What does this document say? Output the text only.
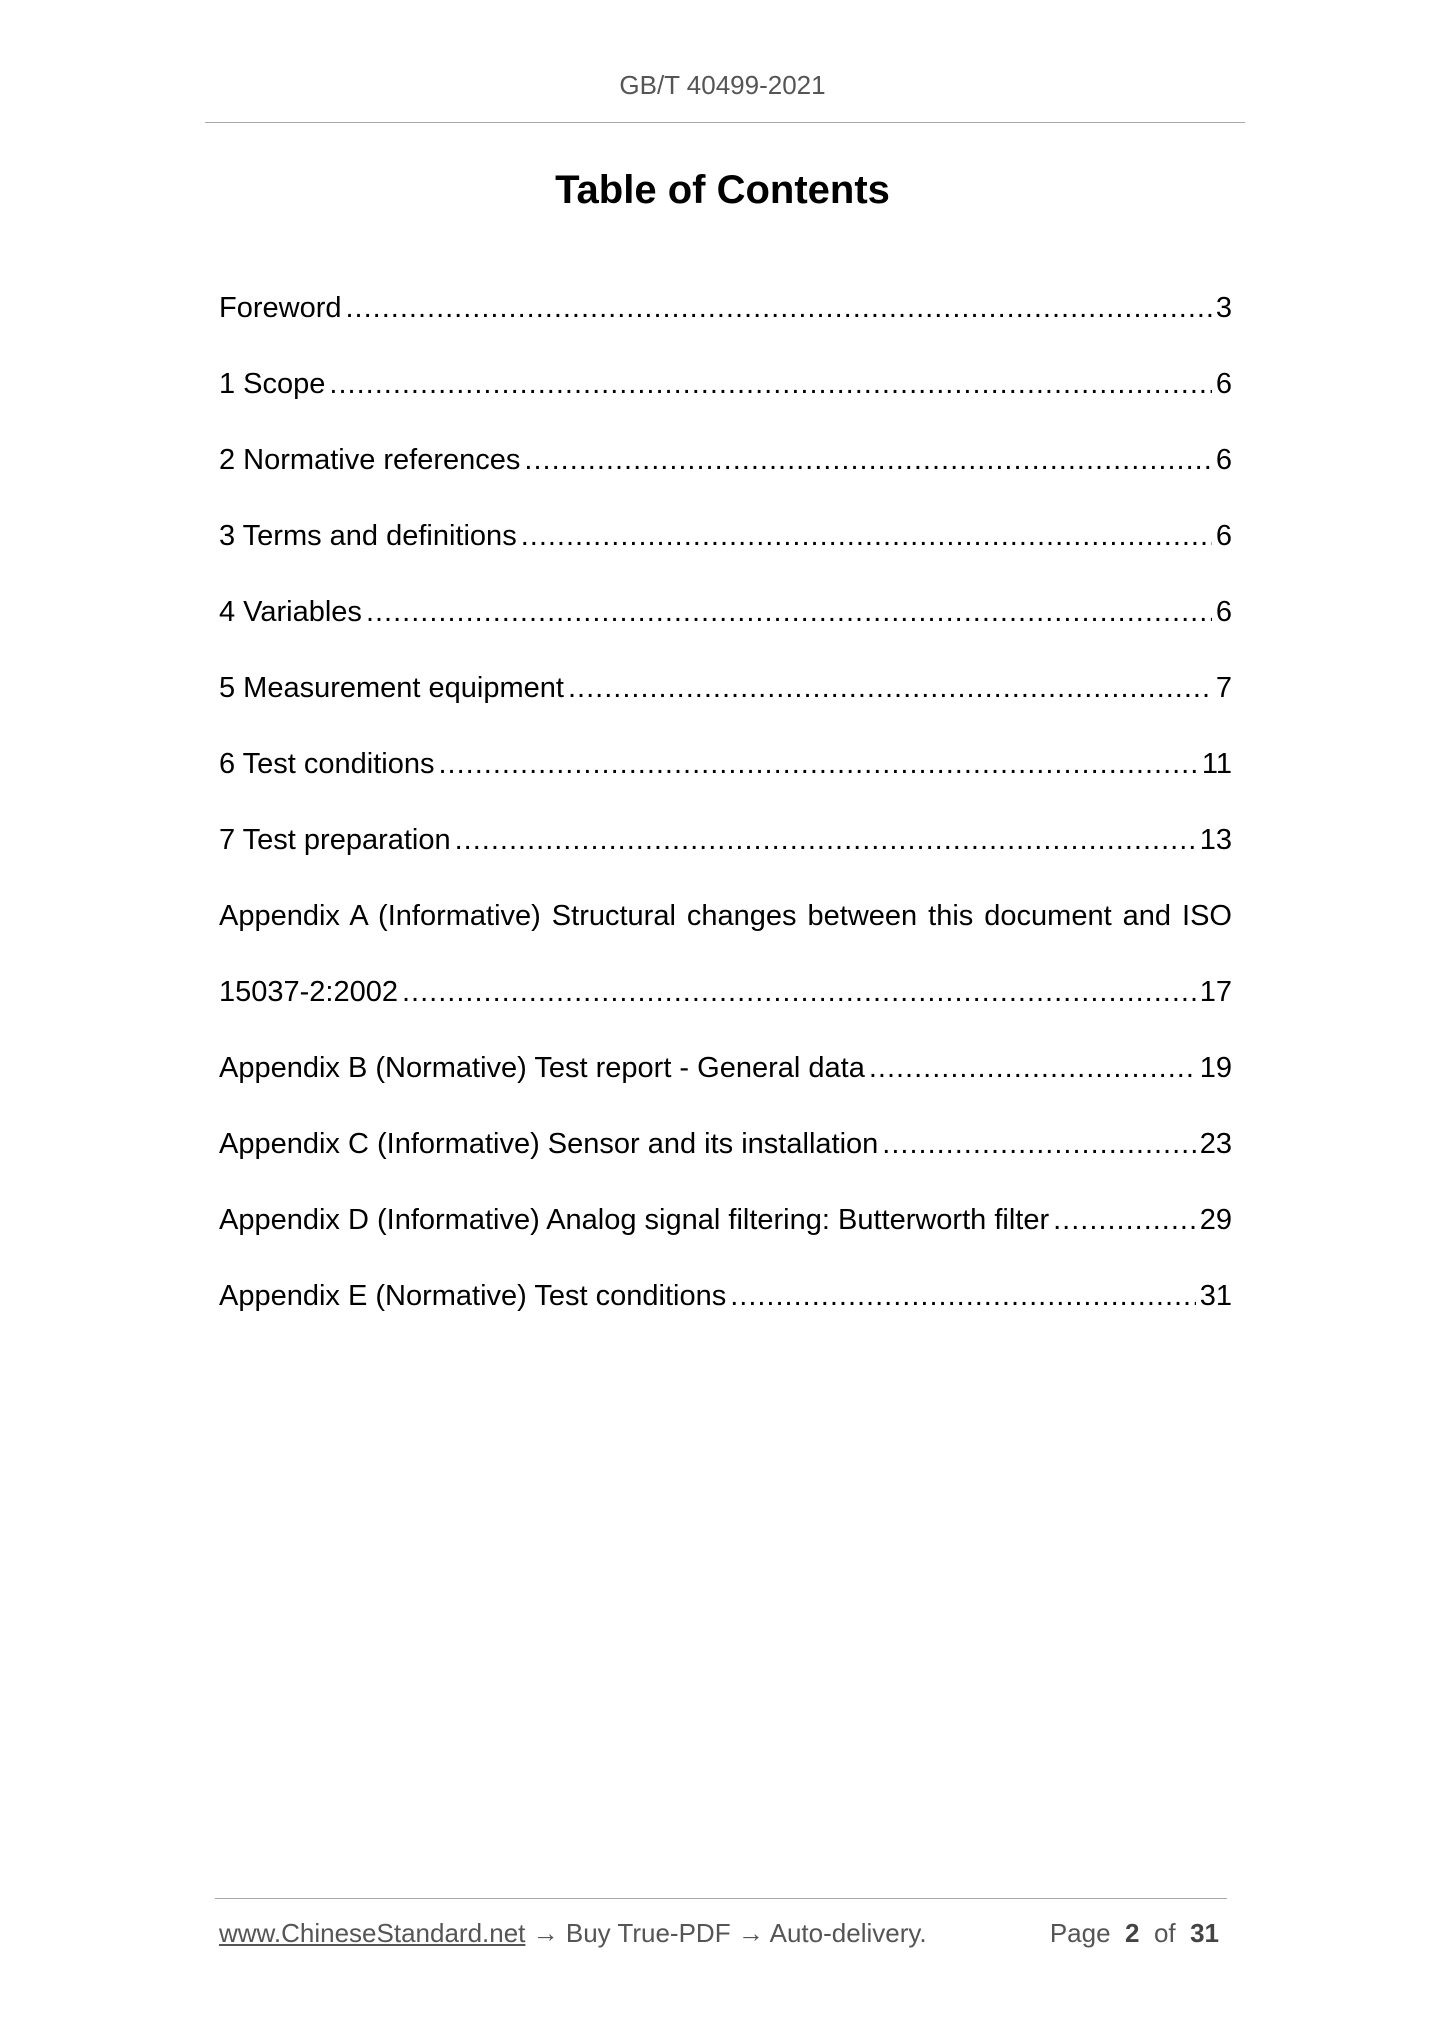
GB/T 40499-2021
Table of Contents
Foreword .....	3
1 Scope .....	6
2 Normative references .....	6
3 Terms and definitions .....	6
4 Variables .....	6
5 Measurement equipment .....	7
6 Test conditions .....	11
7 Test preparation .....	13
Appendix A (Informative) Structural changes between this document and ISO
15037-2:2002 .....	17
Appendix B (Normative) Test report - General data .....	19
Appendix C (Informative) Sensor and its installation .....	23
Appendix D (Informative) Analog signal filtering: Butterworth filter .....	29
Appendix E (Normative) Test conditions .....	31
www.ChineseStandard.net → Buy True-PDF → Auto-delivery.	Page 2 of 31
